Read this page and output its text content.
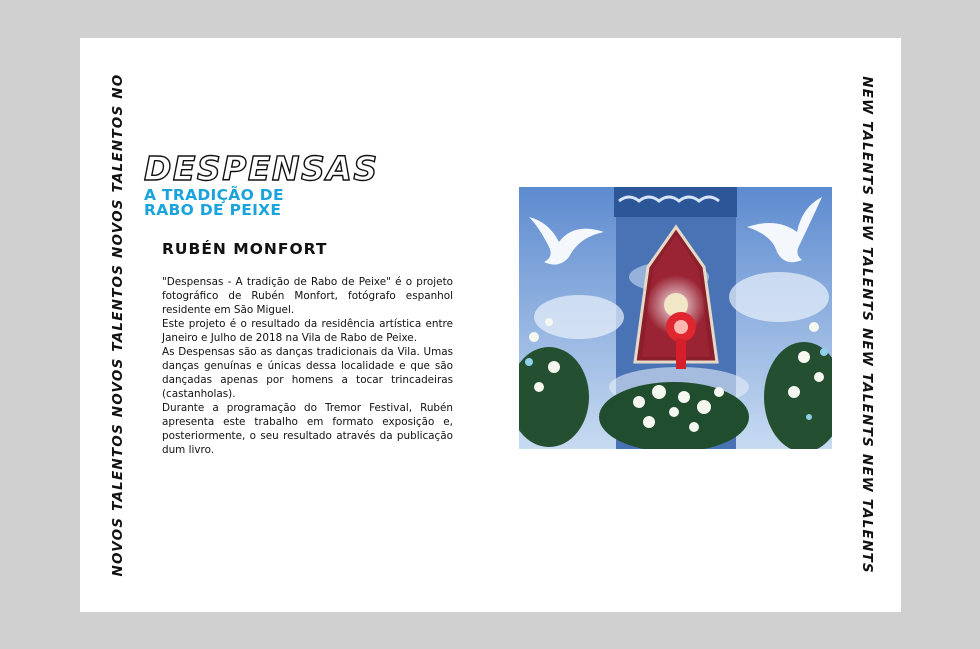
NOVOS TALENTOS NOVOS TALENTOS NOVOS TALENTOS NO	NEW TALENTS NEW TALENTS NEW TALENTS NEW TALENTS
DESPENSAS
A TRADIÇÃO DE
RABO DE PEIXE
RUBÉN MONFORT

"Despensas - A tradição de Rabo de Peixe" é o projeto fotográfico de Rubén Monfort, fotógrafo espanhol residente em São Miguel.

Este projeto é o resultado da residência artística entre Janeiro e Julho de 2018 na Vila de Rabo de Peixe.

As Despensas são as danças tradicionais da Vila. Umas danças genuínas e únicas dessa localidade e que são dançadas apenas por homens a tocar trincadeiras (castanholas).

Durante a programação do Tremor Festival, Rubén apresenta este trabalho em formato exposição e, posteriormente, o seu resultado através da publicação dum livro.
